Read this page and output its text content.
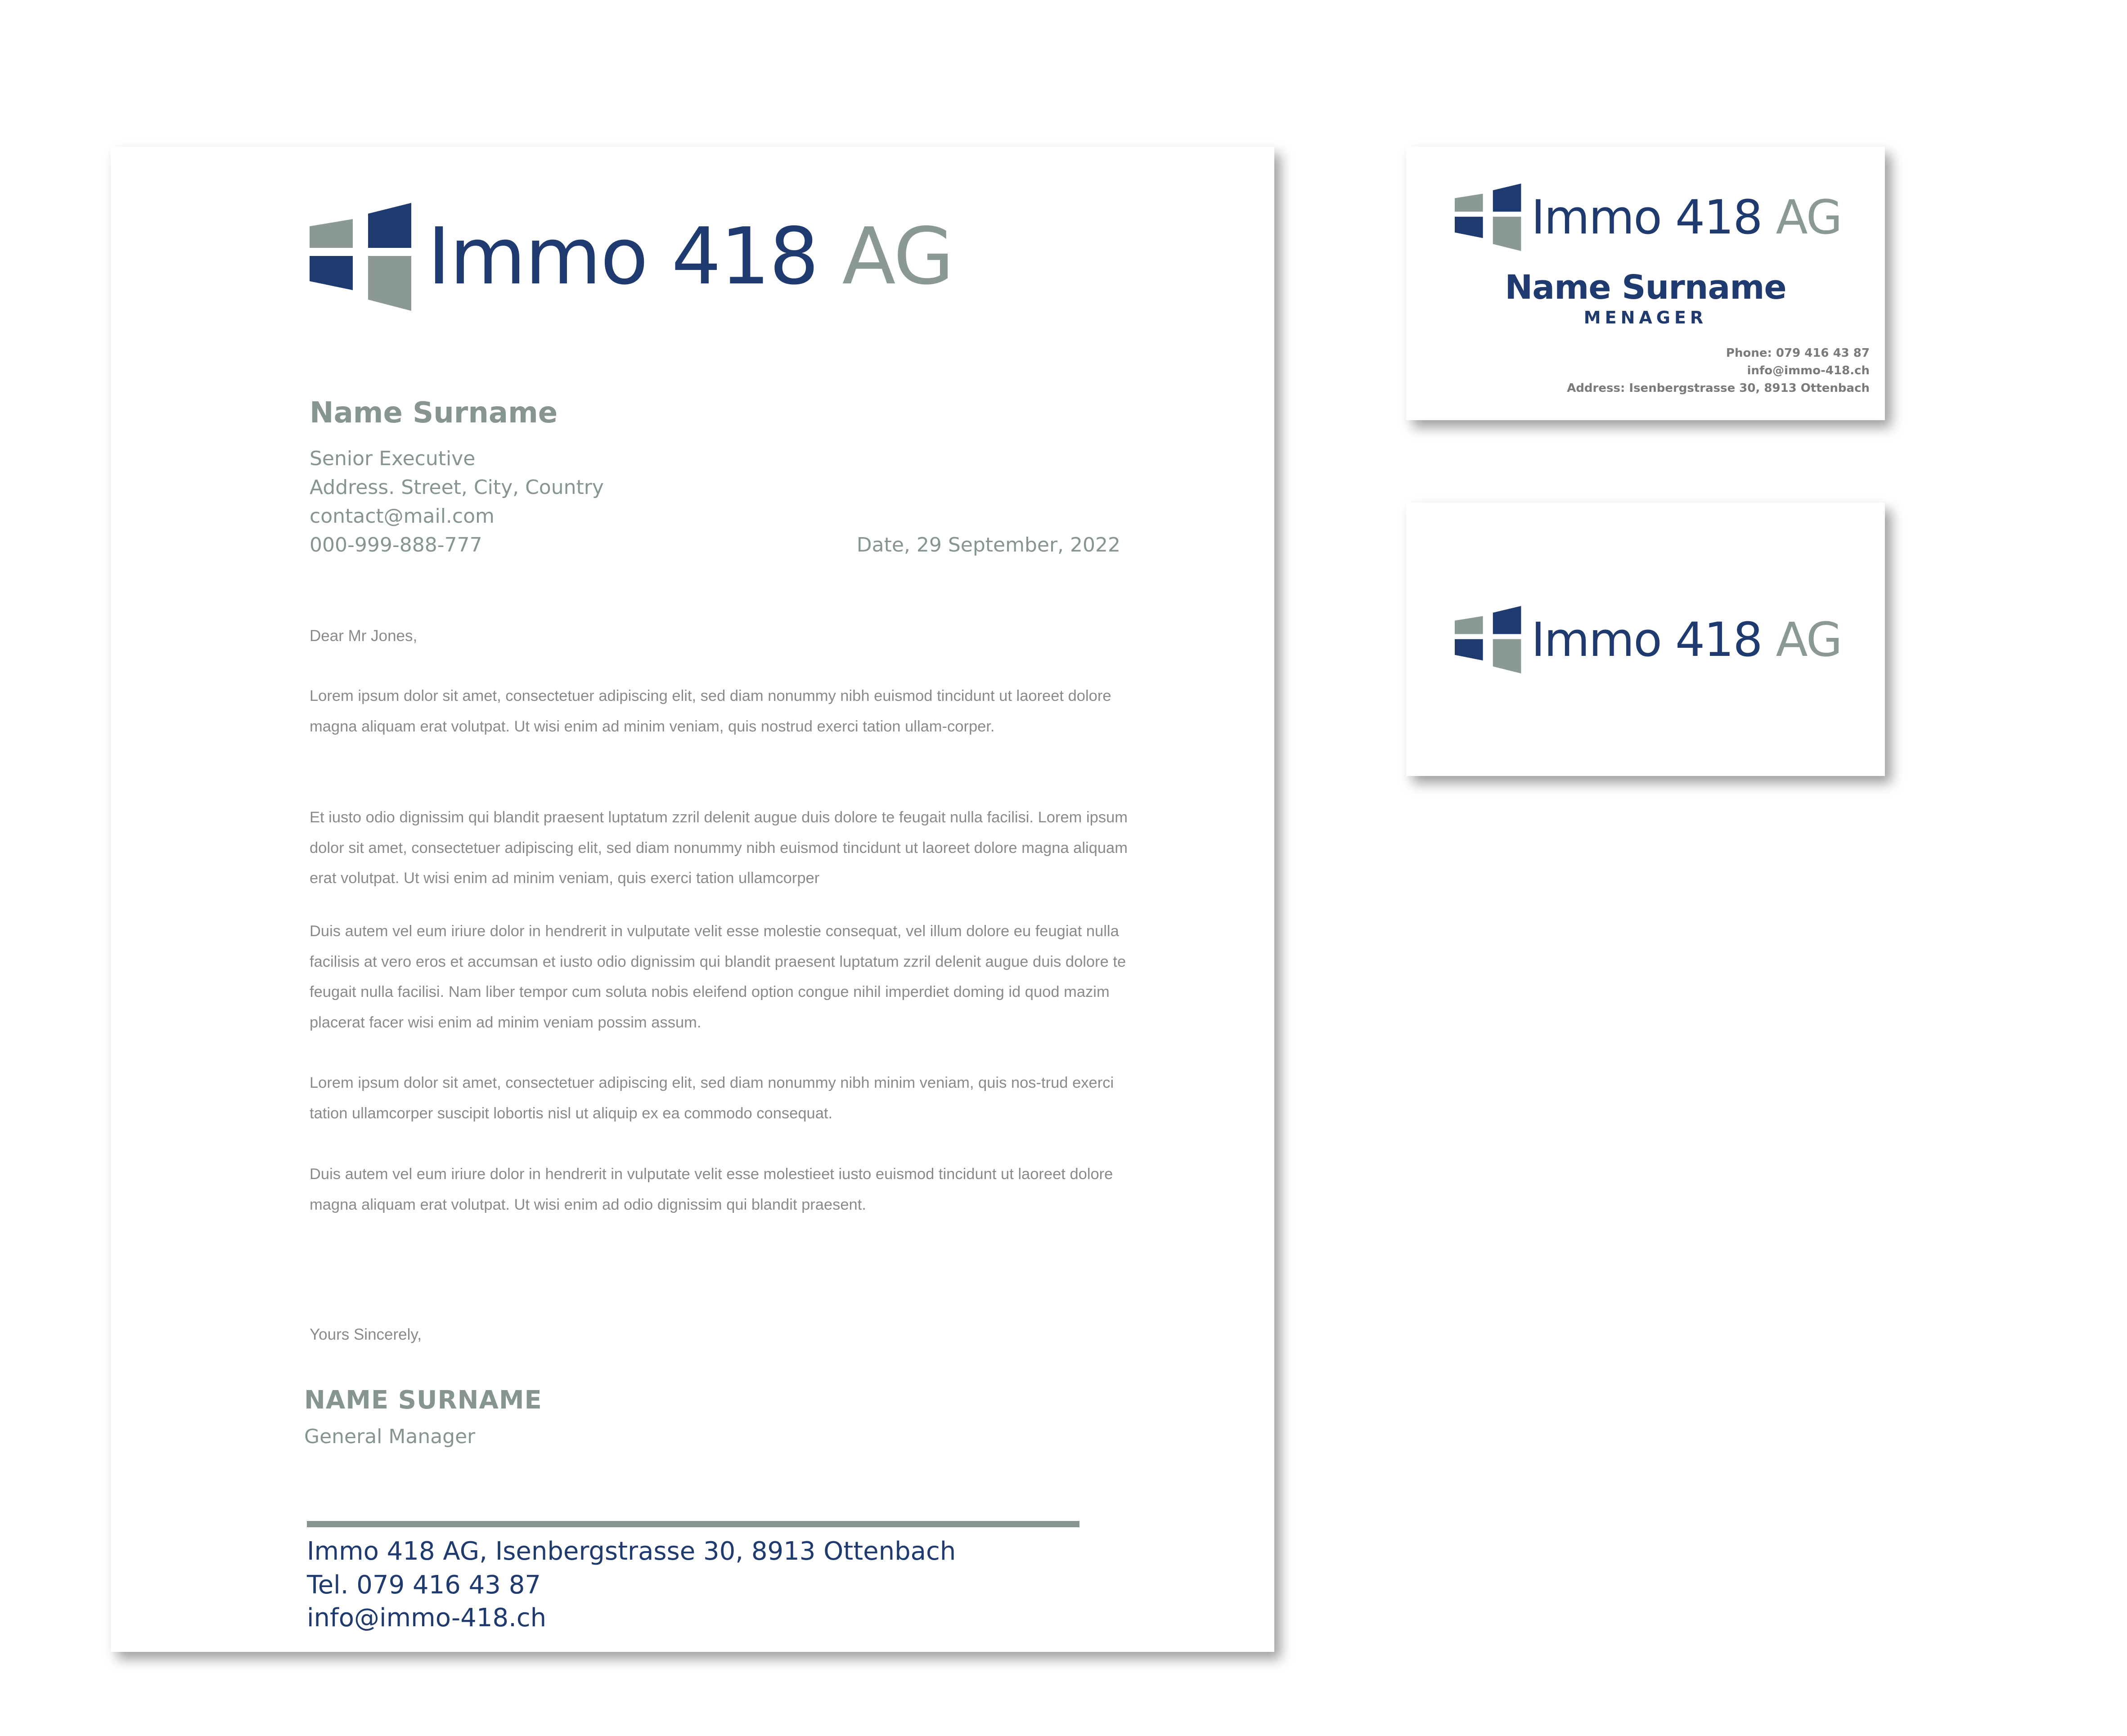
Immo 418 AG

Name Surname

Senior Executive

Address. Street, City, Country

contact@mail.com

000-999-888-777	Date, 29 September, 2022

Dear Mr Jones,

Lorem ipsum dolor sit amet, consectetuer adipiscing elit, sed diam nonummy nibh euismod tincidunt ut laoreet dolore magna aliquam erat volutpat. Ut wisi enim ad minim veniam, quis nostrud exerci tation ullam-corper.

Et iusto odio dignissim qui blandit praesent luptatum zzril delenit augue duis dolore te feugait nulla facilisi. Lorem ipsum dolor sit amet, consectetuer adipiscing elit, sed diam nonummy nibh euismod tincidunt ut laoreet dolore magna aliquam erat volutpat. Ut wisi enim ad minim veniam, quis exerci tation ullamcorper

Duis autem vel eum iriure dolor in hendrerit in vulputate velit esse molestie consequat, vel illum dolore eu feugiat nulla facilisis at vero eros et accumsan et iusto odio dignissim qui blandit praesent luptatum zzril delenit augue duis dolore te feugait nulla facilisi. Nam liber tempor cum soluta nobis eleifend option congue nihil imperdiet doming id quod mazim placerat facer wisi enim ad minim veniam possim assum.

Lorem ipsum dolor sit amet, consectetuer adipiscing elit, sed diam nonummy nibh minim veniam, quis nos-trud exerci tation ullamcorper suscipit lobortis nisl ut aliquip ex ea commodo consequat.

Duis autem vel eum iriure dolor in hendrerit in vulputate velit esse molestieet iusto euismod tincidunt ut laoreet dolore magna aliquam erat volutpat. Ut wisi enim ad odio dignissim qui blandit praesent.

Yours Sincerely,

NAME SURNAME

General Manager

Immo 418 AG, Isenbergstrasse 30, 8913 Ottenbach

Tel. 079 416 43 87

info@immo-418.ch

Immo 418 AG

Name Surname

MENAGER

Phone: 079 416 43 87

info@immo-418.ch

Address: Isenbergstrasse 30, 8913 Ottenbach

Immo 418 AG
